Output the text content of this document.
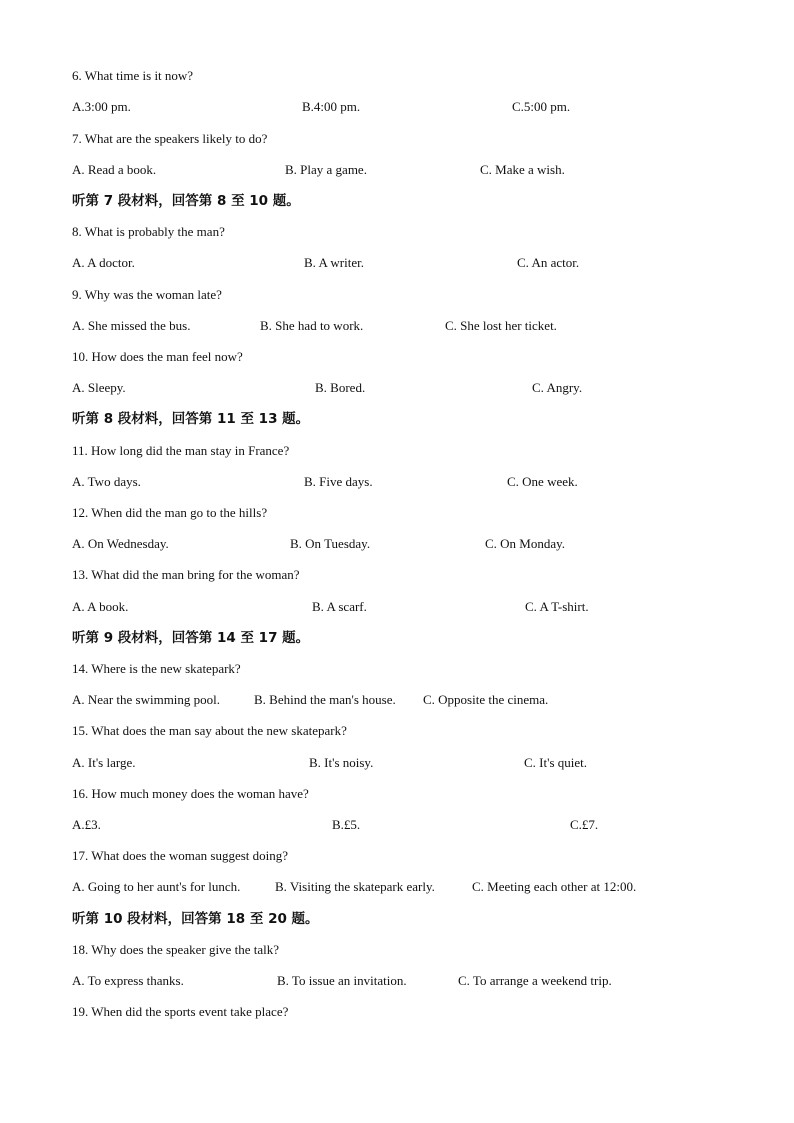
6. What time is it now?
A.3:00 pm.	B.4:00 pm.	C.5:00 pm.
7. What are the speakers likely to do?
A. Read a book.	B. Play a game.	C. Make a wish.
听第 7 段材料，回答第 8 至 10 题。
8. What is probably the man?
A. A doctor.	B. A writer.	C. An actor.
9. Why was the woman late?
A. She missed the bus.	B. She had to work.	C. She lost her ticket.
10. How does the man feel now?
A. Sleepy.	B. Bored.	C. Angry.
听第 8 段材料，回答第 11 至 13 题。
11. How long did the man stay in France?
A. Two days.	B. Five days.	C. One week.
12. When did the man go to the hills?
A. On Wednesday.	B. On Tuesday.	C. On Monday.
13. What did the man bring for the woman?
A. A book.	B. A scarf.	C. A T-shirt.
听第 9 段材料，回答第 14 至 17 题。
14. Where is the new skatepark?
A. Near the swimming pool.	B. Behind the man's house. C. Opposite the cinema.
15. What does the man say about the new skatepark?
A. It's large.	B. It's noisy.	C. It's quiet.
16. How much money does the woman have?
A.£3.	B.£5.	C.£7.
17. What does the woman suggest doing?
A. Going to her aunt's for lunch.	B. Visiting the skatepark early.	C. Meeting each other at 12:00.
听第 10 段材料，回答第 18 至 20 题。
18. Why does the speaker give the talk?
A. To express thanks.	B. To issue an invitation.	C. To arrange a weekend trip.
19. When did the sports event take place?
